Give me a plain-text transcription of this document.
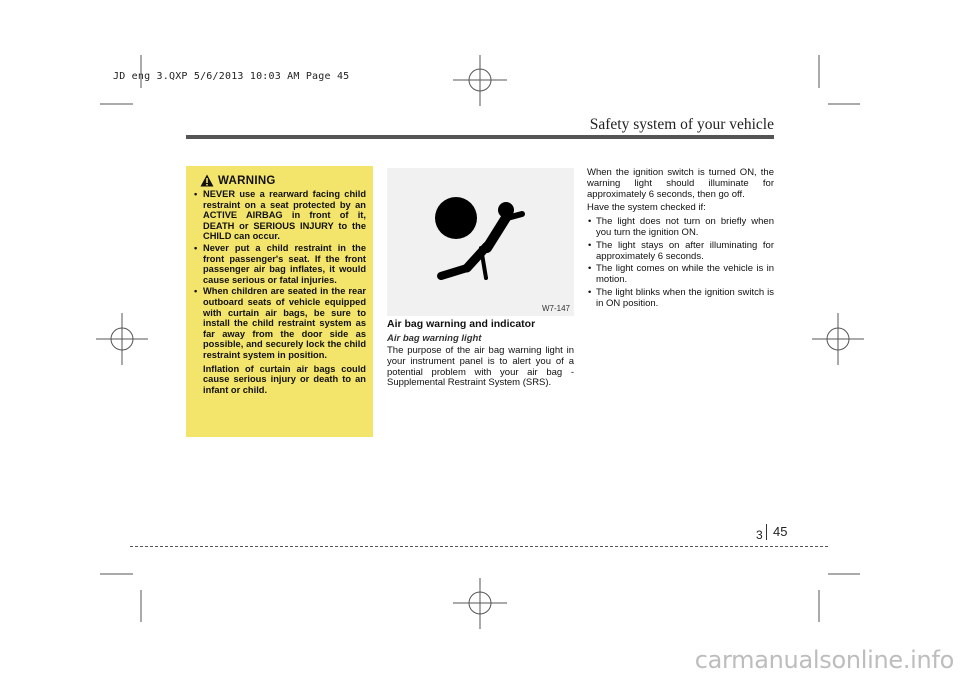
JD eng 3.QXP 5/6/2013 10:03 AM Page 45
Safety system of your vehicle
WARNING
• NEVER use a rearward facing child restraint on a seat protected by an ACTIVE AIRBAG in front of it, DEATH or SERIOUS INJURY to the CHILD can occur.
• Never put a child restraint in the front passenger's seat. If the front passenger air bag inflates, it would cause serious or fatal injuries.
• When children are seated in the rear outboard seats of vehicle equipped with curtain air bags, be sure to install the child restraint system as far away from the door side as possible, and securely lock the child restraint system in position.
Inflation of curtain air bags could cause serious injury or death to an infant or child.
W7-147
Air bag warning and indicator
Air bag warning light

The purpose of the air bag warning light in your instrument panel is to alert you of a potential problem with your air bag - Supplemental Restraint System (SRS).

When the ignition switch is turned ON, the warning light should illuminate for approximately 6 seconds, then go off.

Have the system checked if:

• The light does not turn on briefly when you turn the ignition ON.
• The light stays on after illuminating for approximately 6 seconds.
• The light comes on while the vehicle is in motion.
• The light blinks when the ignition switch is in ON position.
3 45
carmanualsonline.info
